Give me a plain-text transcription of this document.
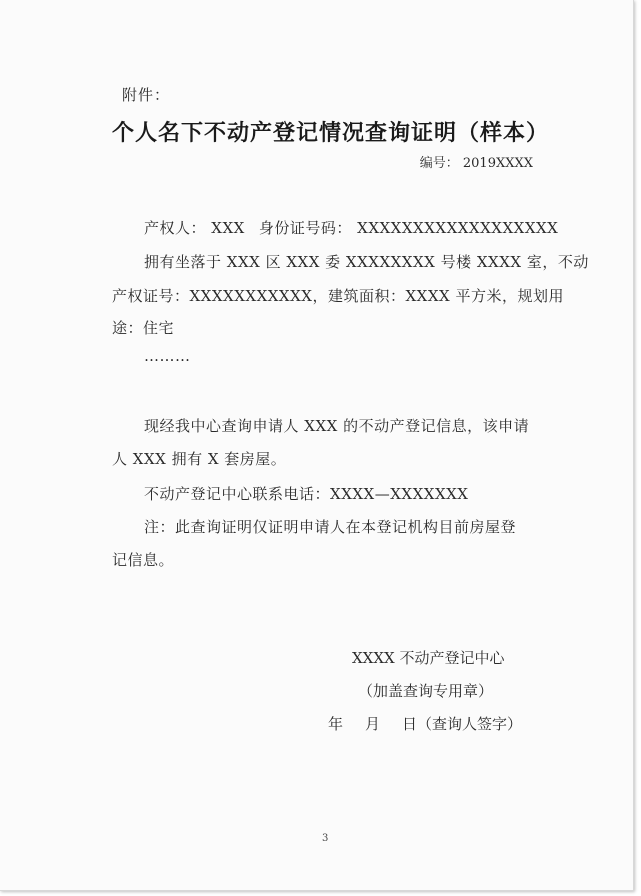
附件：
个人名下不动产登记情况查询证明（样本）
编号： 2019XXXX
产权人： XXX 身份证号码： XXXXXXXXXXXXXXXXXX
拥有坐落于 XXX 区 XXX 委 XXXXXXXX 号楼 XXXX 室，不动
产权证号：XXXXXXXXXXX，建筑面积：XXXX 平方米，规划用
途：住宅
………
现经我中心查询申请人 XXX 的不动产登记信息，该申请
人 XXX 拥有 X 套房屋。
不动产登记中心联系电话：XXXX—XXXXXXX
注：此查询证明仅证明申请人在本登记机构目前房屋登
记信息。
XXXX 不动产登记中心
（加盖查询专用章）
年 月 日（查询人签字）
3
